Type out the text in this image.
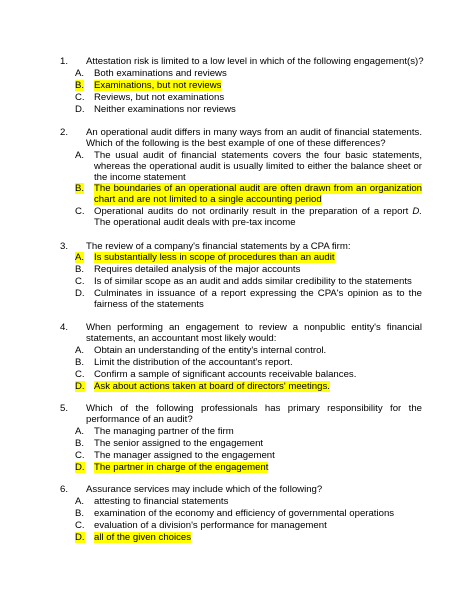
1. Attestation risk is limited to a low level in which of the following engagement(s)?
A. Both examinations and reviews
B. Examinations, but not reviews
C. Reviews, but not examinations
D. Neither examinations nor reviews
2. An operational audit differs in many ways from an audit of financial statements. Which of the following is the best example of one of these differences?
A. The usual audit of financial statements covers the four basic statements, whereas the operational audit is usually limited to either the balance sheet or the income statement
B. The boundaries of an operational audit are often drawn from an organization chart and are not limited to a single accounting period
C. Operational audits do not ordinarily result in the preparation of a report D. The operational audit deals with pre-tax income
3. The review of a company's financial statements by a CPA firm:
A. Is substantially less in scope of procedures than an audit
B. Requires detailed analysis of the major accounts
C. Is of similar scope as an audit and adds similar credibility to the statements
D. Culminates in issuance of a report expressing the CPA's opinion as to the fairness of the statements
4. When performing an engagement to review a nonpublic entity's financial statements, an accountant most likely would:
A. Obtain an understanding of the entity's internal control.
B. Limit the distribution of the accountant's report.
C. Confirm a sample of significant accounts receivable balances.
D. Ask about actions taken at board of directors' meetings.
5. Which of the following professionals has primary responsibility for the performance of an audit?
A. The managing partner of the firm
B. The senior assigned to the engagement
C. The manager assigned to the engagement
D. The partner in charge of the engagement
6. Assurance services may include which of the following?
A. attesting to financial statements
B. examination of the economy and efficiency of governmental operations
C. evaluation of a division's performance for management
D. all of the given choices
